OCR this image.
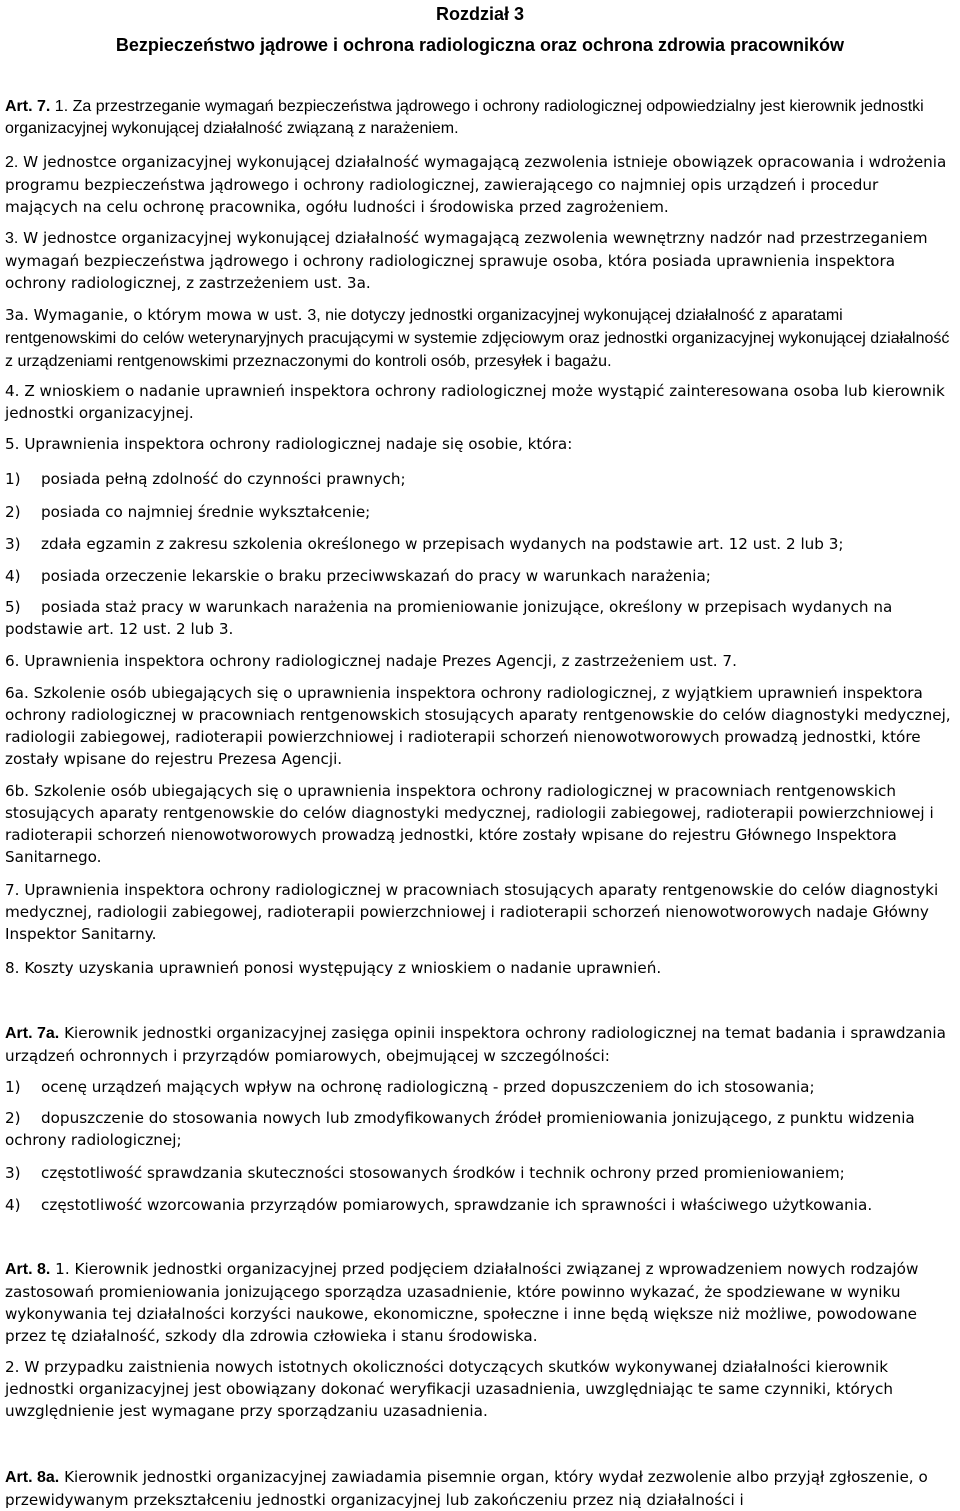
Rozdział 3
Bezpieczeństwo jądrowe i ochrona radiologiczna oraz ochrona zdrowia pracowników

Art. 7. 1. Za przestrzeganie wymagań bezpieczeństwa jądrowego i ochrony radiologicznej odpowiedzialny jest kierownik jednostki organizacyjnej wykonującej działalność związaną z narażeniem.

2. W jednostce organizacyjnej wykonującej działalność wymagającą zezwolenia istnieje obowiązek opracowania i wdrożenia programu bezpieczeństwa jądrowego i ochrony radiologicznej, zawierającego co najmniej opis urządzeń i procedur mających na celu ochronę pracownika, ogółu ludności i środowiska przed zagrożeniem.

3. W jednostce organizacyjnej wykonującej działalność wymagającą zezwolenia wewnętrzny nadzór nad przestrzeganiem wymagań bezpieczeństwa jądrowego i ochrony radiologicznej sprawuje osoba, która posiada uprawnienia inspektora ochrony radiologicznej, z zastrzeżeniem ust. 3a.

3a. Wymaganie, o którym mowa w ust. 3, nie dotyczy jednostki organizacyjnej wykonującej działalność z aparatami rentgenowskimi do celów weterynaryjnych pracującymi w systemie zdjęciowym oraz jednostki organizacyjnej wykonującej działalność z urządzeniami rentgenowskimi przeznaczonymi do kontroli osób, przesyłek i bagażu.

4. Z wnioskiem o nadanie uprawnień inspektora ochrony radiologicznej może wystąpić zainteresowana osoba lub kierownik jednostki organizacyjnej.

5. Uprawnienia inspektora ochrony radiologicznej nadaje się osobie, która:

1) posiada pełną zdolność do czynności prawnych;

2) posiada co najmniej średnie wykształcenie;

3) zdała egzamin z zakresu szkolenia określonego w przepisach wydanych na podstawie art. 12 ust. 2 lub 3;

4) posiada orzeczenie lekarskie o braku przeciwwskazań do pracy w warunkach narażenia;

5) posiada staż pracy w warunkach narażenia na promieniowanie jonizujące, określony w przepisach wydanych na podstawie art. 12 ust. 2 lub 3.

6. Uprawnienia inspektora ochrony radiologicznej nadaje Prezes Agencji, z zastrzeżeniem ust. 7.

6a. Szkolenie osób ubiegających się o uprawnienia inspektora ochrony radiologicznej, z wyjątkiem uprawnień inspektora ochrony radiologicznej w pracowniach rentgenowskich stosujących aparaty rentgenowskie do celów diagnostyki medycznej, radiologii zabiegowej, radioterapii powierzchniowej i radioterapii schorzeń nienowotworowych prowadzą jednostki, które zostały wpisane do rejestru Prezesa Agencji.

6b. Szkolenie osób ubiegających się o uprawnienia inspektora ochrony radiologicznej w pracowniach rentgenowskich stosujących aparaty rentgenowskie do celów diagnostyki medycznej, radiologii zabiegowej, radioterapii powierzchniowej i radioterapii schorzeń nienowotworowych prowadzą jednostki, które zostały wpisane do rejestru Głównego Inspektora Sanitarnego.

7. Uprawnienia inspektora ochrony radiologicznej w pracowniach stosujących aparaty rentgenowskie do celów diagnostyki medycznej, radiologii zabiegowej, radioterapii powierzchniowej i radioterapii schorzeń nienowotworowych nadaje Główny Inspektor Sanitarny.

8. Koszty uzyskania uprawnień ponosi występujący z wnioskiem o nadanie uprawnień.

Art. 7a. Kierownik jednostki organizacyjnej zasięga opinii inspektora ochrony radiologicznej na temat badania i sprawdzania urządzeń ochronnych i przyrządów pomiarowych, obejmującej w szczególności:

1) ocenę urządzeń mających wpływ na ochronę radiologiczną - przed dopuszczeniem do ich stosowania;

2) dopuszczenie do stosowania nowych lub zmodyfikowanych źródeł promieniowania jonizującego, z punktu widzenia ochrony radiologicznej;

3) częstotliwość sprawdzania skuteczności stosowanych środków i technik ochrony przed promieniowaniem;

4) częstotliwość wzorcowania przyrządów pomiarowych, sprawdzanie ich sprawności i właściwego użytkowania.

Art. 8. 1. Kierownik jednostki organizacyjnej przed podjęciem działalności związanej z wprowadzeniem nowych rodzajów zastosowań promieniowania jonizującego sporządza uzasadnienie, które powinno wykazać, że spodziewane w wyniku wykonywania tej działalności korzyści naukowe, ekonomiczne, społeczne i inne będą większe niż możliwe, powodowane przez tę działalność, szkody dla zdrowia człowieka i stanu środowiska.

2. W przypadku zaistnienia nowych istotnych okoliczności dotyczących skutków wykonywanej działalności kierownik jednostki organizacyjnej jest obowiązany dokonać weryfikacji uzasadnienia, uwzględniając te same czynniki, których uwzględnienie jest wymagane przy sporządzaniu uzasadnienia.

Art. 8a. Kierownik jednostki organizacyjnej zawiadamia pisemnie organ, który wydał zezwolenie albo przyjął zgłoszenie, o przewidywanym przekształceniu jednostki organizacyjnej lub zakończeniu przez nią działalności i
